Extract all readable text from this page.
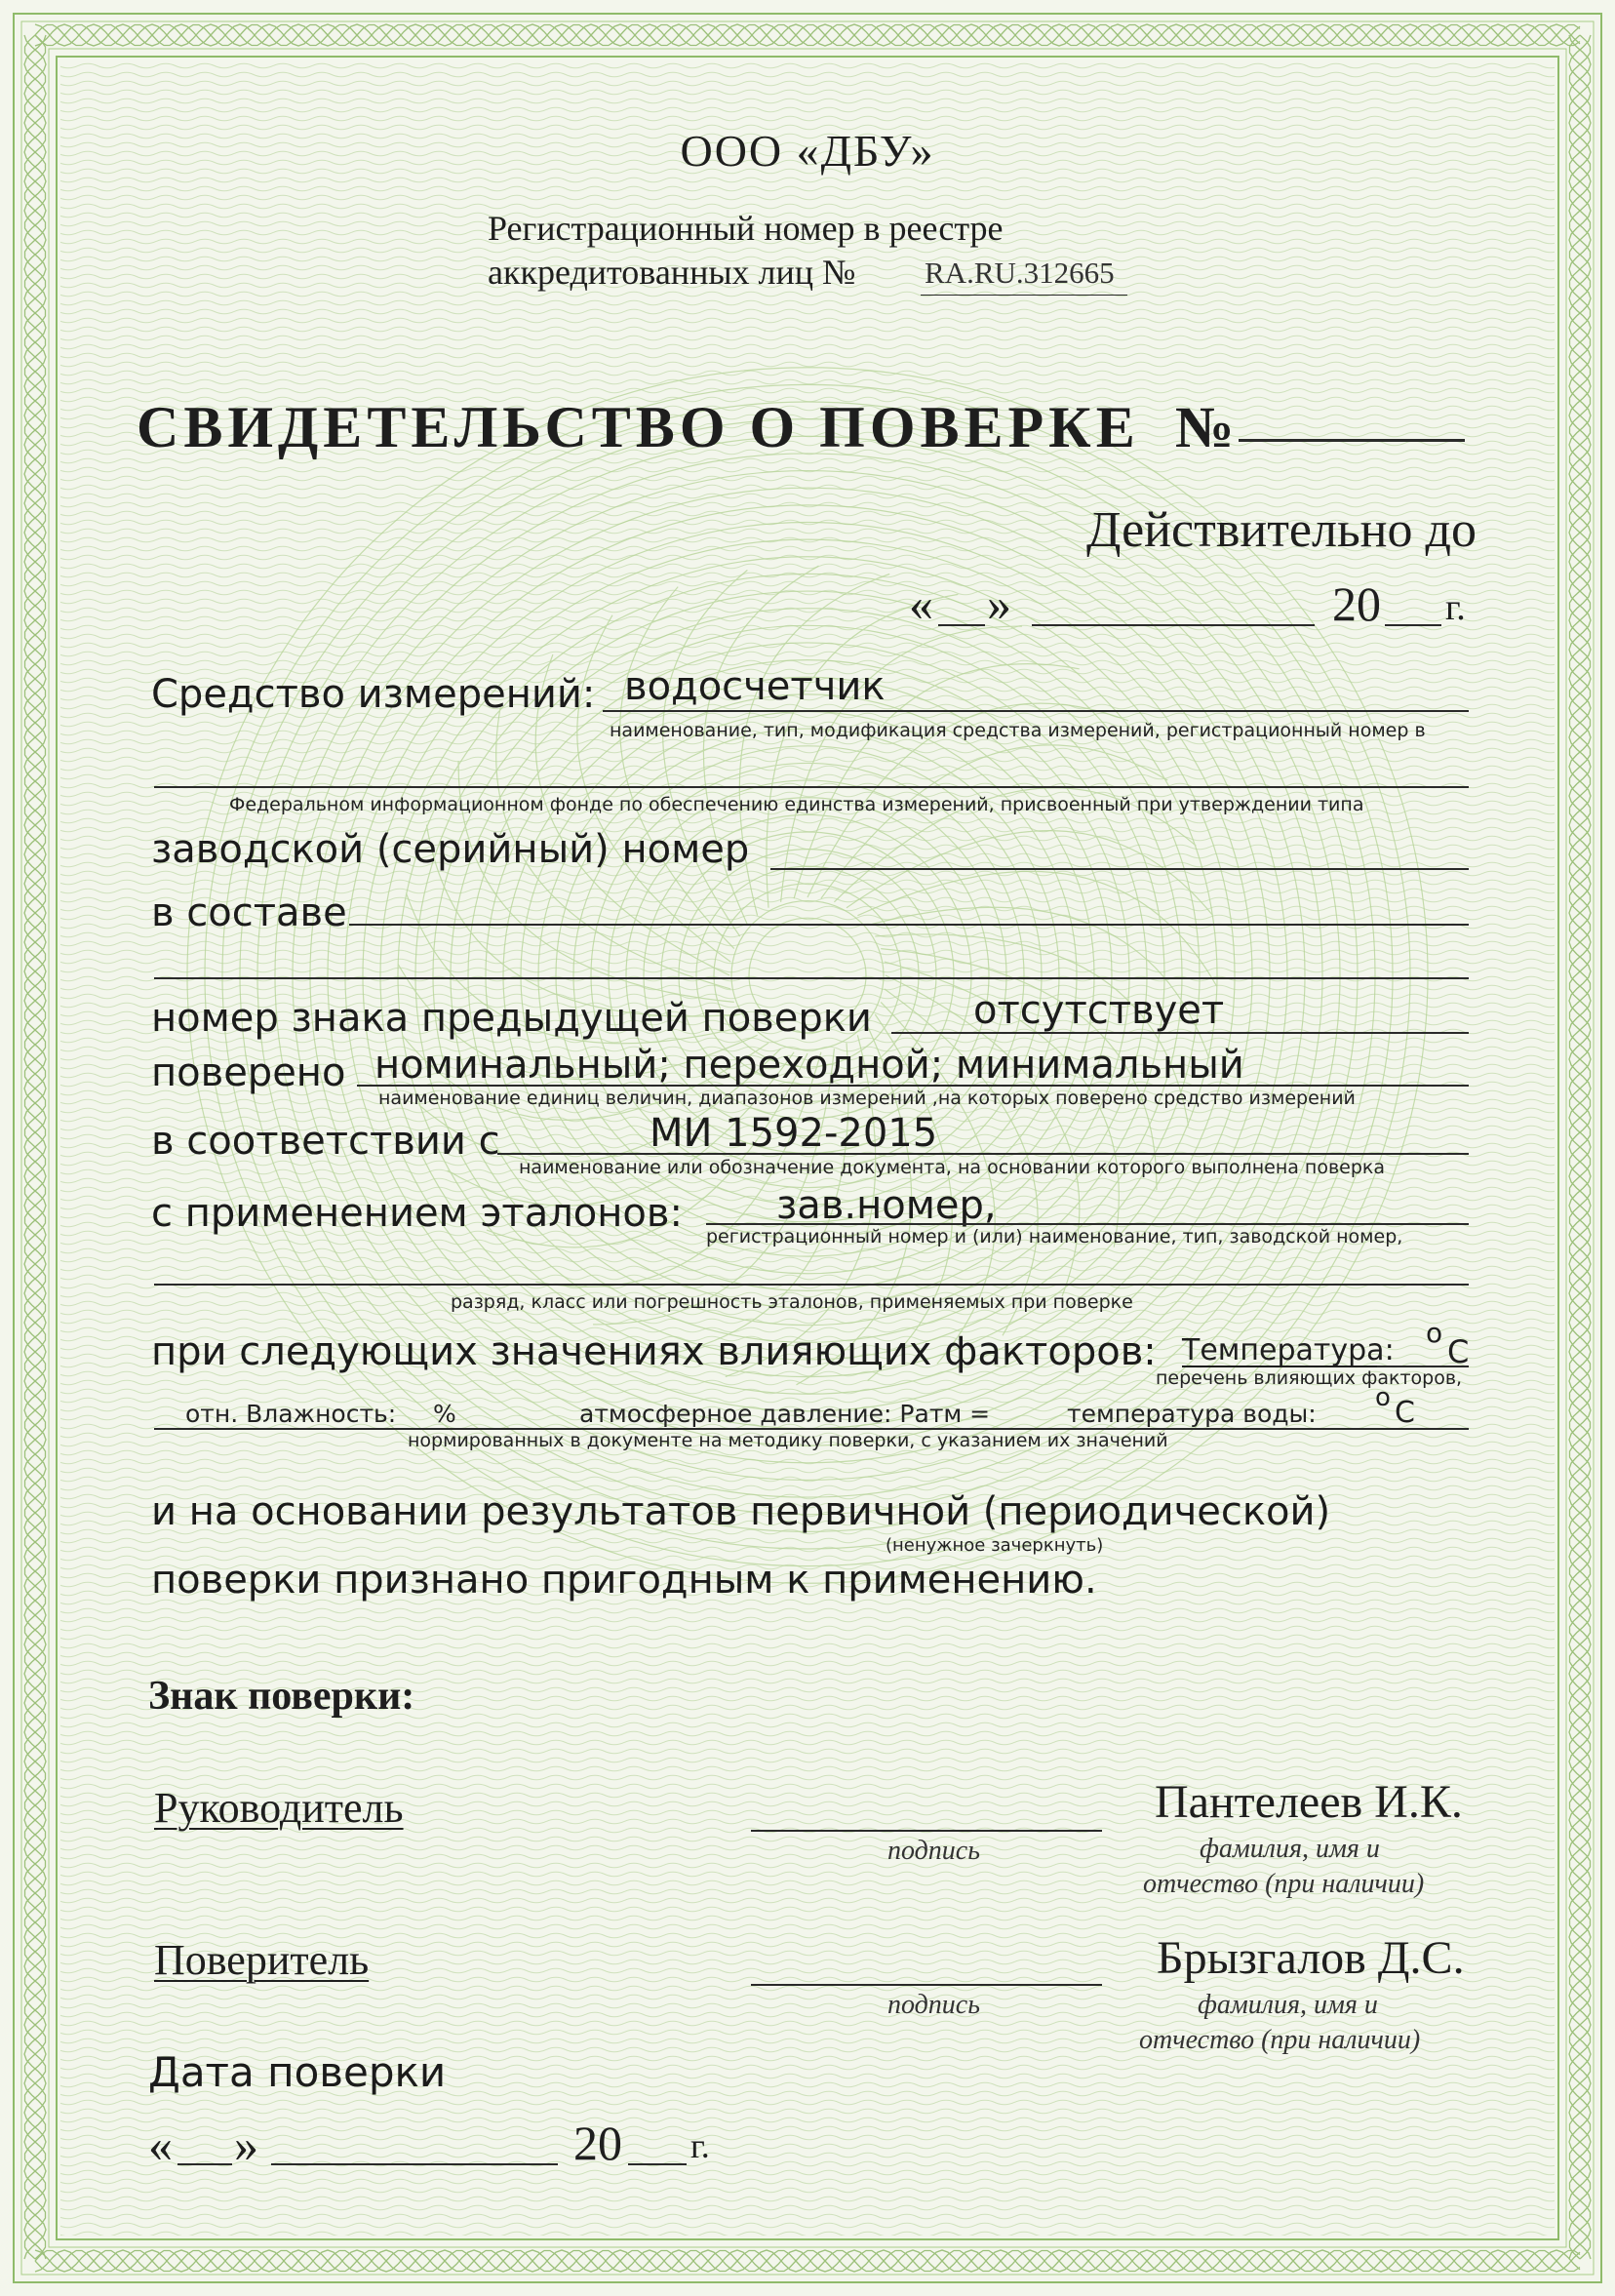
ООО «ДБУ»
Регистрационный номер в реестре
аккредитованных лиц № RA.RU.312665
СВИДЕТЕЛЬСТВО О ПОВЕРКЕ №
Действительно до
« »	20 г.
Средство измерений: водосчетчик
наименование, тип, модификация средства измерений, регистрационный номер в
Федеральном информационном фонде по обеспечению единства измерений, присвоенный при утверждении типа
заводской (серийный) номер
в составе
номер знака предыдущей поверки	отсутствует
поверено номинальный; переходной; минимальный
наименование единиц величин, диапазонов измерений ,на которых поверено средство измерений
в соответствии с	МИ 1592-2015
наименование или обозначение документа, на основании которого выполнена поверка
с применением эталонов: зав.номер,
регистрационный номер и (или) наименование, тип, заводской номер,
разряд, класс или погрешность эталонов, применяемых при поверке
при следующих значениях влияющих факторов: Температура:
о
С
перечень влияющих факторов,
отн. Влажность: %	атмосферное давление: Pатм =	температура воды:
о С
нормированных в документе на методику поверки, с указанием их значений
и на основании результатов первичной (периодической)
(ненужное зачеркнуть)
поверки признано пригодным к применению.
Знак поверки:
Руководитель
подпись
Пантелеев И.К.
фамилия, имя и
отчество (при наличии)
Поверитель
подпись
Брызгалов Д.С.
фамилия, имя и
отчество (при наличии)
Дата поверки
« »	20 г.
